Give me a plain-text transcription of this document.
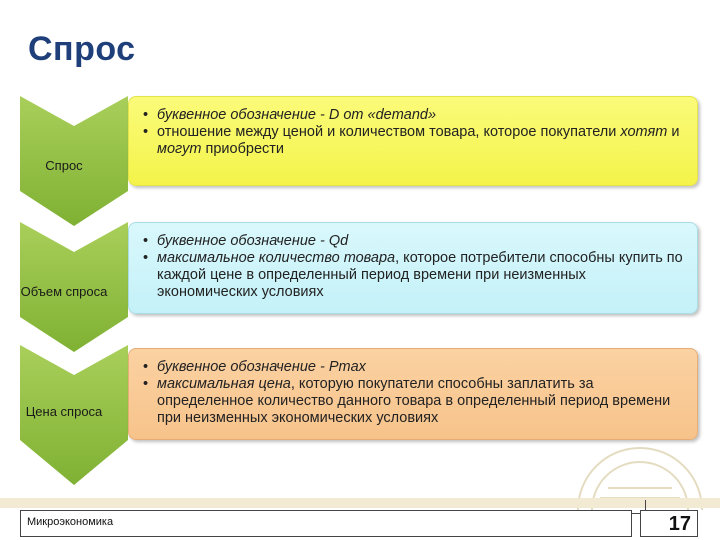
Спрос
Спрос
• буквенное обозначение - D от «demand»
• отношение между ценой и количеством товара, которое покупатели хотят и могут приобрести
Объем спроса
• буквенное обозначение - Qd
• максимальное количество товара, которое потребители способны купить по каждой цене в определенный период времени при неизменных экономических условиях
Цена спроса
• буквенное обозначение - Pmax
• максимальная цена, которую покупатели способны заплатить за определенное количество данного товара в определенный период времени при неизменных экономических условиях
Микроэкономика	17
